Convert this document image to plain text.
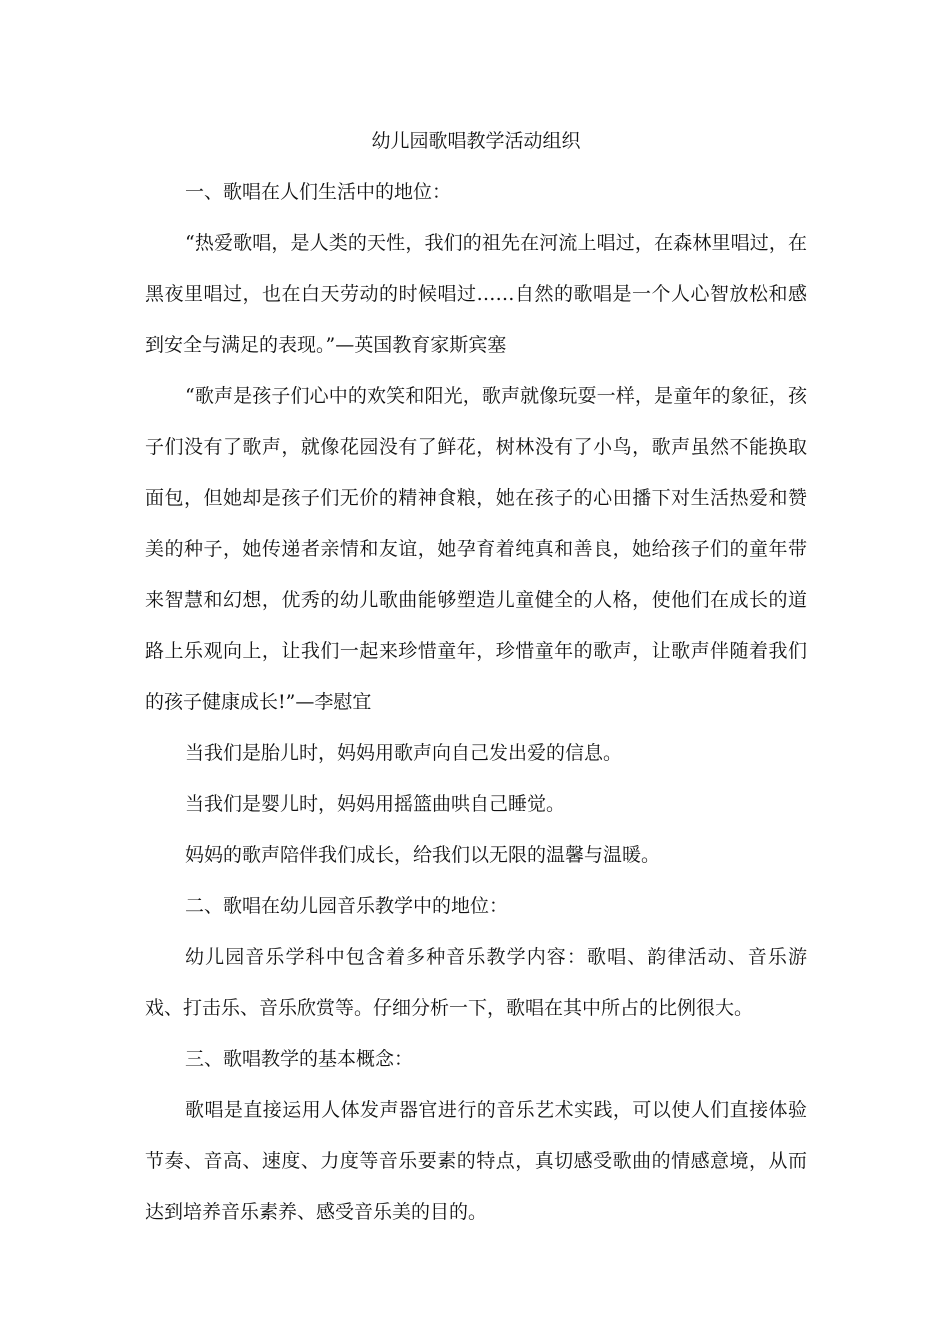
幼儿园歌唱教学活动组织

一、歌唱在人们生活中的地位：

“热爱歌唱，是人类的天性，我们的祖先在河流上唱过，在森林里唱过，在黑夜里唱过，也在白天劳动的时候唱过……自然的歌唱是一个人心智放松和感到安全与满足的表现。”—英国教育家斯宾塞

“歌声是孩子们心中的欢笑和阳光，歌声就像玩耍一样，是童年的象征，孩子们没有了歌声，就像花园没有了鲜花，树林没有了小鸟，歌声虽然不能换取面包，但她却是孩子们无价的精神食粮，她在孩子的心田播下对生活热爱和赞美的种子，她传递者亲情和友谊，她孕育着纯真和善良，她给孩子们的童年带来智慧和幻想，优秀的幼儿歌曲能够塑造儿童健全的人格，使他们在成长的道路上乐观向上，让我们一起来珍惜童年，珍惜童年的歌声，让歌声伴随着我们的孩子健康成长!”—李慰宜

当我们是胎儿时，妈妈用歌声向自己发出爱的信息。

当我们是婴儿时，妈妈用摇篮曲哄自己睡觉。

妈妈的歌声陪伴我们成长，给我们以无限的温馨与温暖。

二、歌唱在幼儿园音乐教学中的地位：

幼儿园音乐学科中包含着多种音乐教学内容：歌唱、韵律活动、音乐游戏、打击乐、音乐欣赏等。仔细分析一下，歌唱在其中所占的比例很大。

三、歌唱教学的基本概念：

歌唱是直接运用人体发声器官进行的音乐艺术实践，可以使人们直接体验节奏、音高、速度、力度等音乐要素的特点，真切感受歌曲的情感意境，从而达到培养音乐素养、感受音乐美的目的。
